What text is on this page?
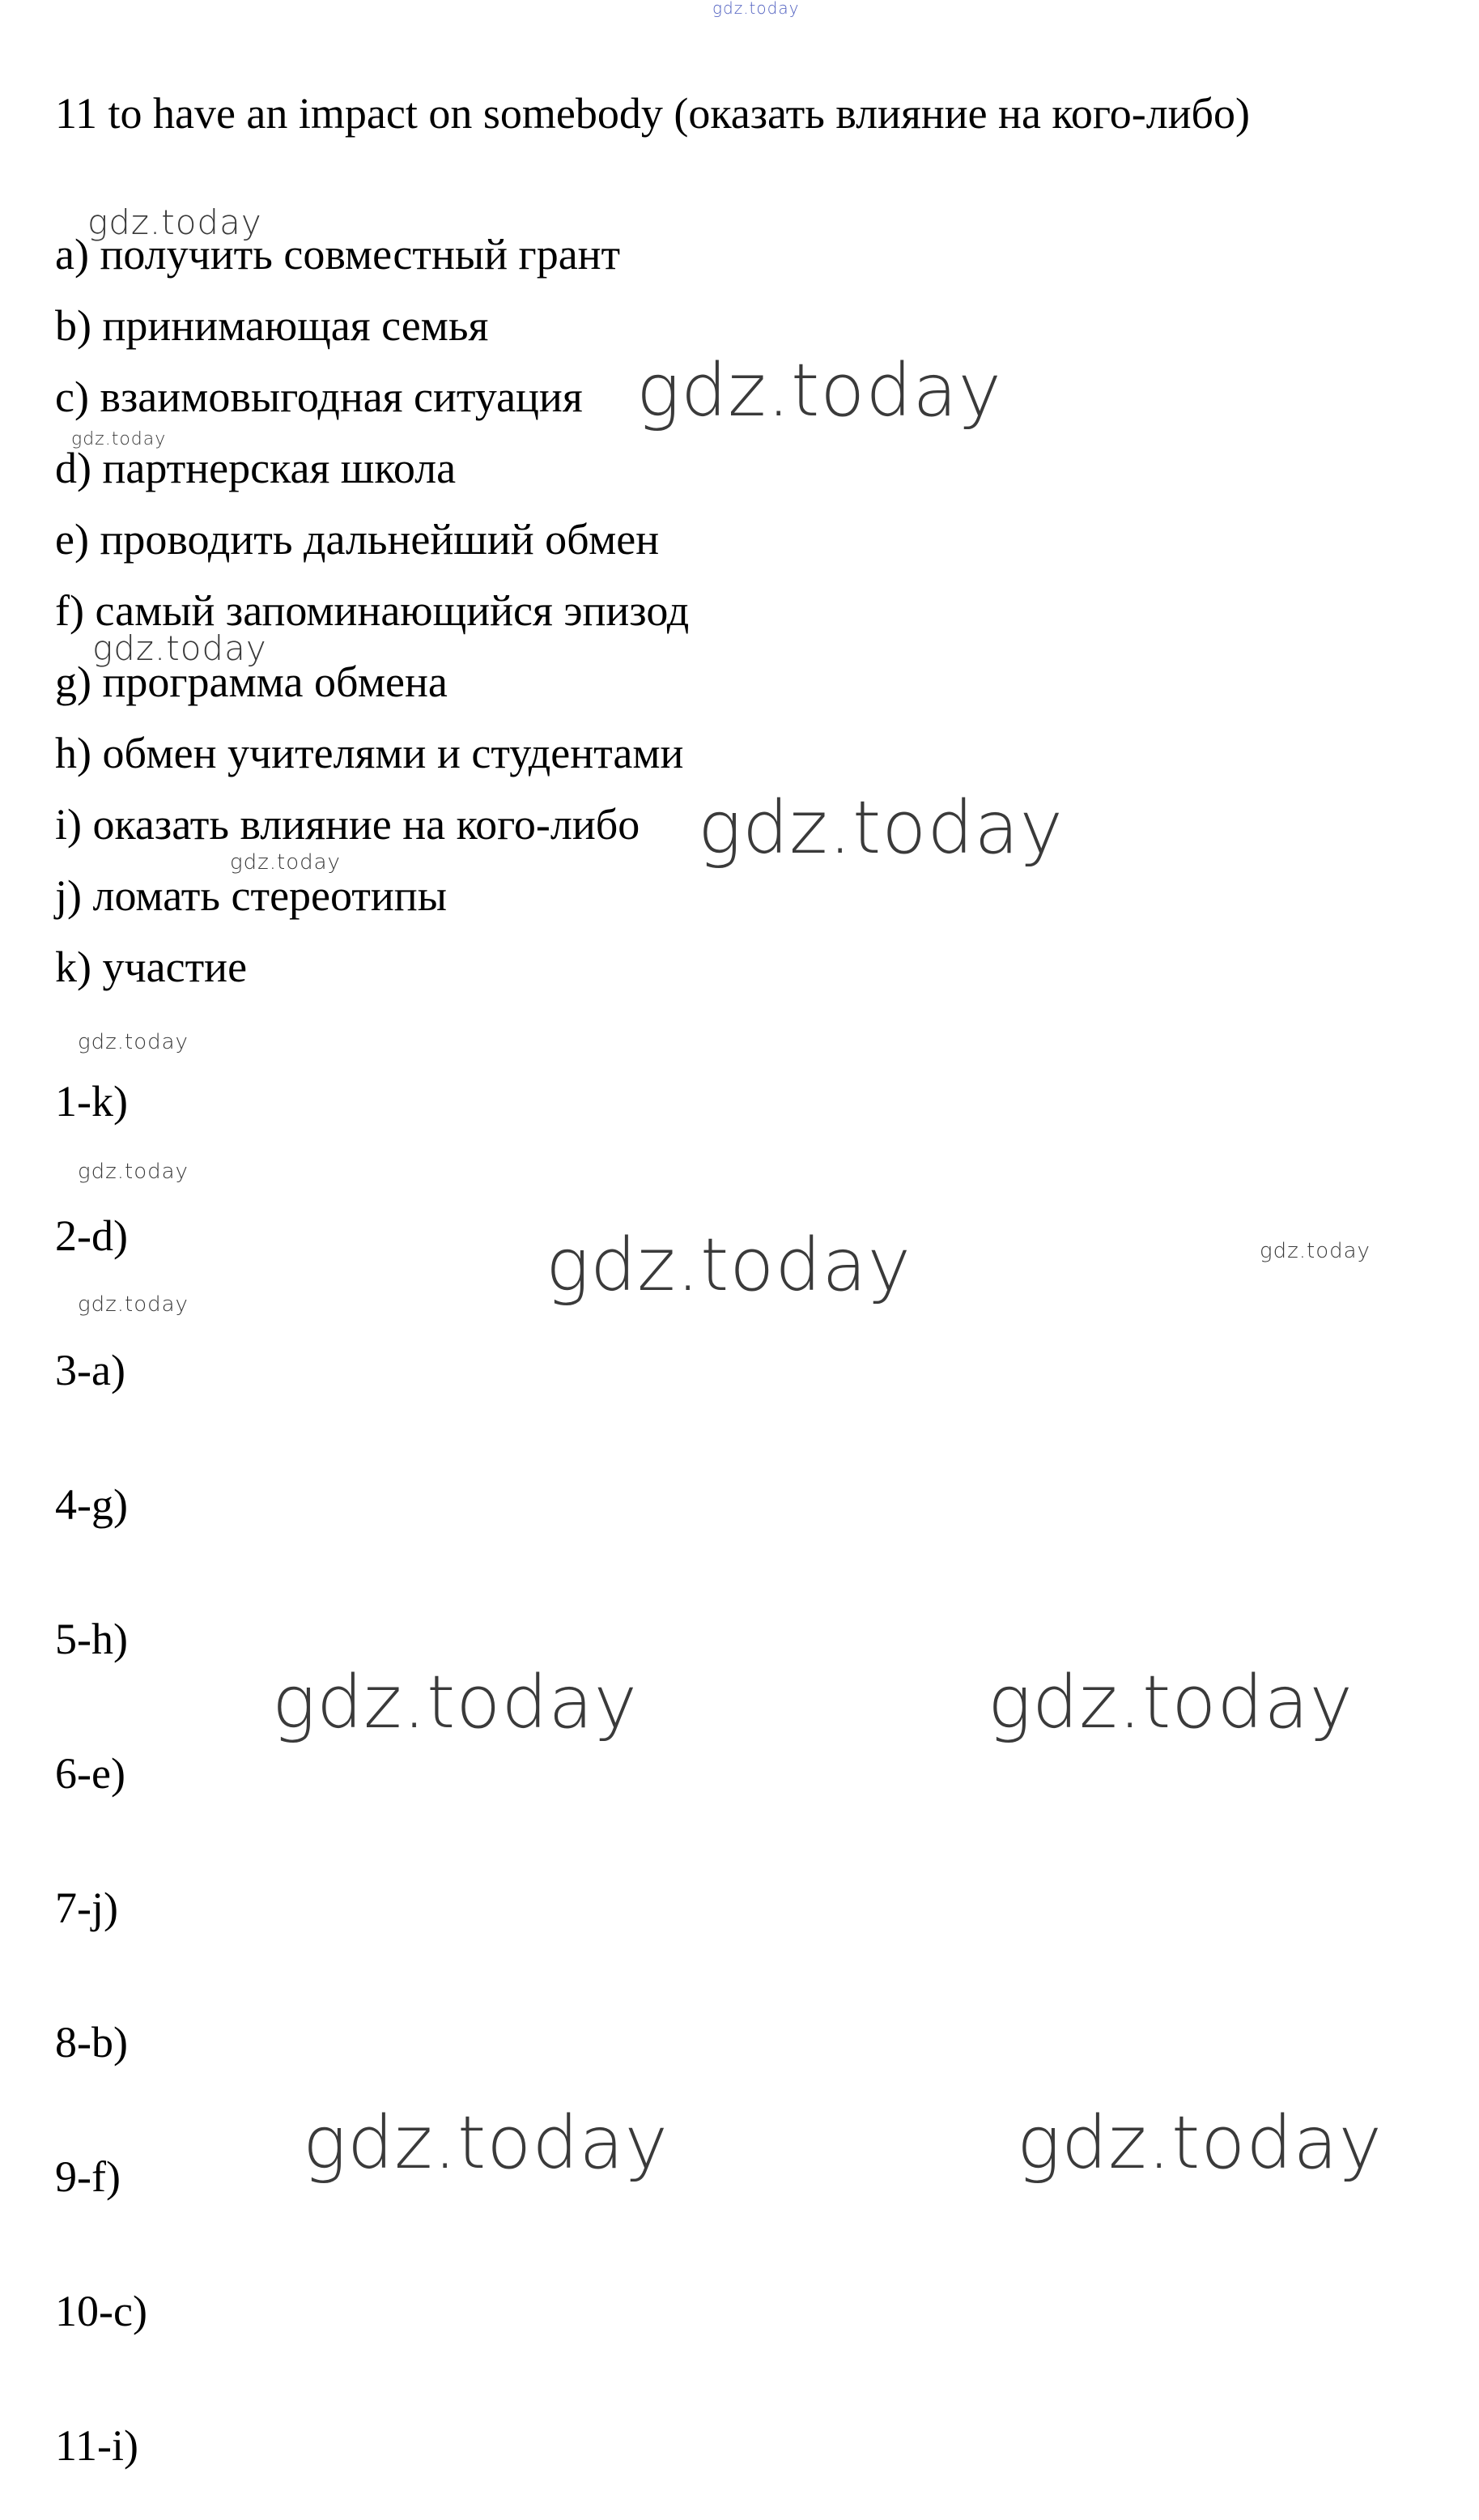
gdz.today
11 to have an impact on somebody (оказать влияние на кого-либо)
a) получить совместный грант
b) принимающая семья
c) взаимовыгодная ситуация
d) партнерская школа
e) проводить дальнейший обмен
f) самый запоминающийся эпизод
g) программа обмена
h) обмен учителями и студентами
i) оказать влияние на кого-либо
j) ломать стереотипы
k) участие
1-k)
2-d)
3-a)
4-g)
5-h)
6-e)
7-j)
8-b)
9-f)
10-c)
11-i)
gdz.today
gdz.today
gdz.today
gdz.today
gdz.today
gdz.today
gdz.today
gdz.today
gdz.today
gdz.today
gdz.today
gdz.today	gdz.today
gdz.today	gdz.today
